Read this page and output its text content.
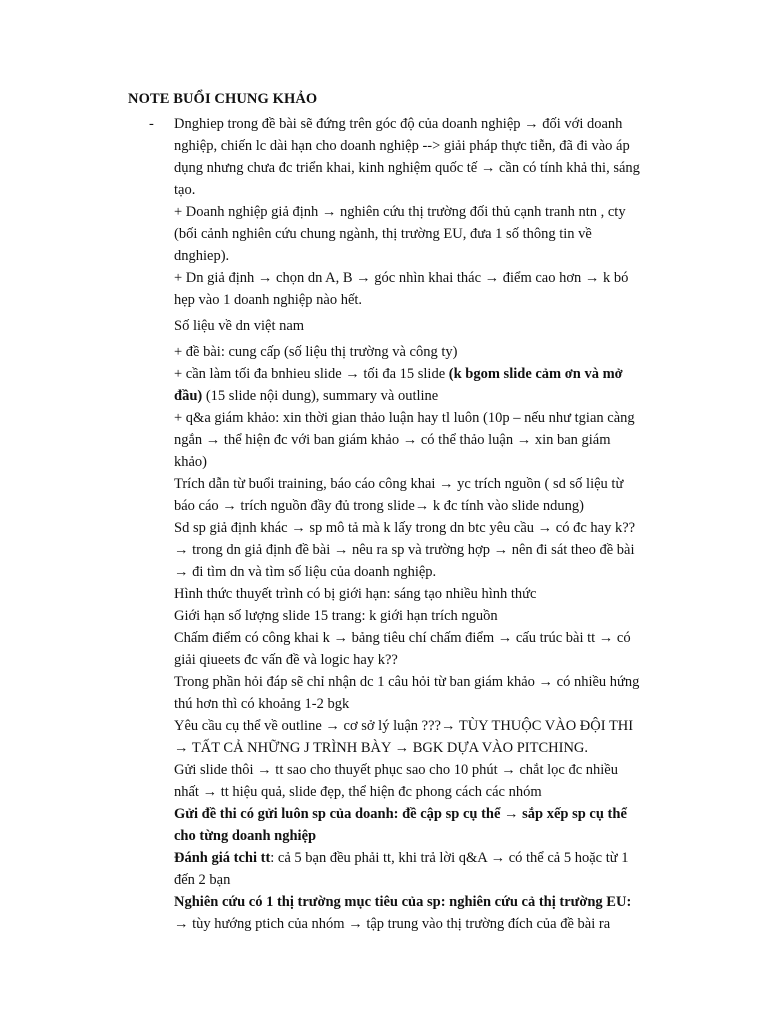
NOTE BUỔI CHUNG KHẢO
- Dnghiep trong đề bài sẽ đứng trên góc độ của doanh nghiệp → đối với doanh
nghiệp, chiến lc dài hạn cho doanh nghiệp --> giải pháp thực tiễn, đã đi vào áp
dụng nhưng chưa đc triển khai, kinh nghiệm quốc tế → cần có tính khả thi, sáng
tạo.
+ Doanh nghiệp giả định → nghiên cứu thị trường đối thủ cạnh tranh ntn , cty
(bối cảnh nghiên cứu chung ngành, thị trường EU, đưa 1 số thông tin về
dnghiep).
+ Dn giả định → chọn dn A, B → góc nhìn khai thác → điểm cao hơn → k bó
hẹp vào 1 doanh nghiệp nào hết.
Số liệu về dn việt nam
+ đề bài: cung cấp (số liệu thị trường và công ty)
+ cần làm tối đa bnhieu slide → tối đa 15 slide (k bgom slide cảm ơn và mở
đầu) (15 slide nội dung), summary và outline
+ q&a giám khảo: xin thời gian thảo luận hay tl luôn (10p – nếu như tgian càng
ngắn → thể hiện đc với ban giám khảo → có thể thảo luận → xin ban giám
khảo)
Trích dẫn từ buổi training, báo cáo công khai → yc trích nguồn ( sd số liệu từ
báo cáo → trích nguồn đầy đủ trong slide→ k đc tính vào slide ndung)
Sd sp giả định khác → sp mô tả mà k lấy trong dn btc yêu cầu → có đc hay k??
→ trong dn giả định đề bài → nêu ra sp và trường hợp → nên đi sát theo đề bài
→ đi tìm dn và tìm số liệu của doanh nghiệp.
Hình thức thuyết trình có bị giới hạn: sáng tạo nhiều hình thức
Giới hạn số lượng slide 15 trang: k giới hạn trích nguồn
Chấm điểm có công khai k → bảng tiêu chí chấm điểm → cấu trúc bài tt → có
giải qiueets đc vấn đề và logic hay k??
Trong phần hỏi đáp sẽ chỉ nhận dc 1 câu hỏi từ ban giám khảo → có nhiều hứng
thú hơn thì có khoảng 1-2 bgk
Yêu cầu cụ thể về outline → cơ sở lý luận ???→ TÙY THUỘC VÀO ĐỘI THI
→ TẤT CẢ NHỮNG J TRÌNH BÀY → BGK DỰA VÀO PITCHING.
Gửi slide thôi → tt sao cho thuyết phục sao cho 10 phút → chắt lọc đc nhiều
nhất → tt hiệu quả, slide đẹp, thể hiện đc phong cách các nhóm
Gửi đề thi có gửi luôn sp của doanh: đề cập sp cụ thể → sắp xếp sp cụ thể
cho từng doanh nghiệp
Đánh giá tchi tt: cả 5 bạn đều phải tt, khi trả lời q&A → có thể cả 5 hoặc từ 1
đến 2 bạn
Nghiên cứu có 1 thị trường mục tiêu của sp: nghiên cứu cả thị trường EU:
→ tùy hướng ptich của nhóm → tập trung vào thị trường đích của đề bài ra
